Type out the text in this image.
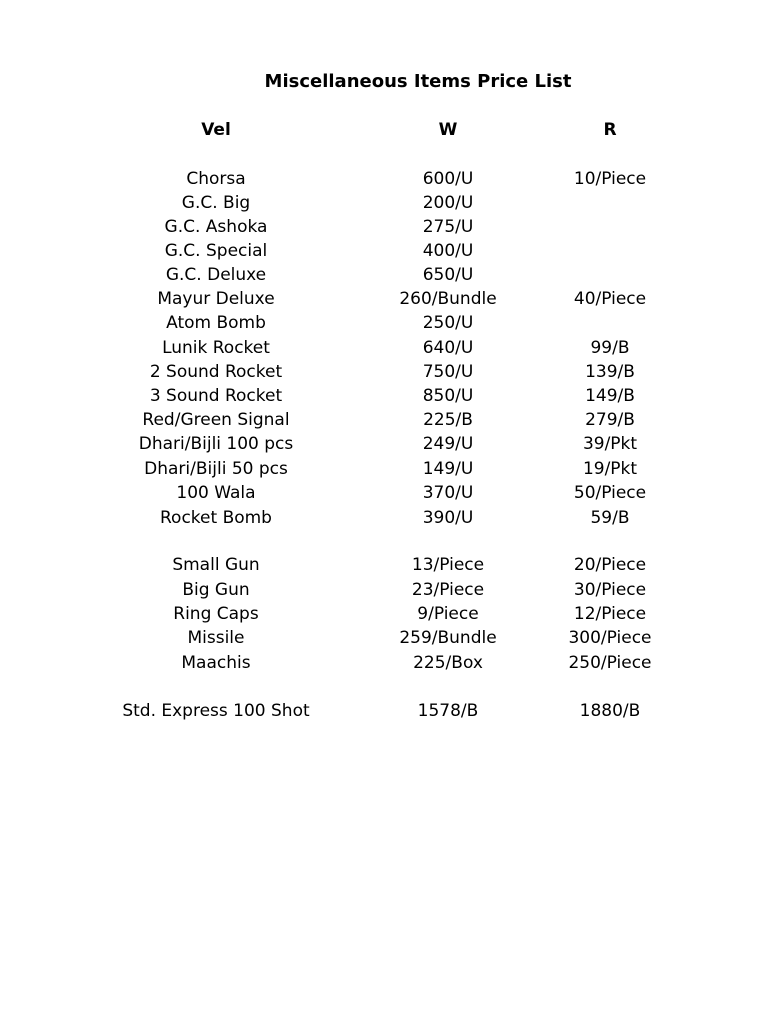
Miscellaneous Items Price List
Vel	W	R
Chorsa	600/U	10/Piece
G.C. Big	200/U
G.C. Ashoka	275/U
G.C. Special	400/U
G.C. Deluxe	650/U
Mayur Deluxe	260/Bundle	40/Piece
Atom Bomb	250/U
Lunik Rocket	640/U	99/B
2 Sound Rocket	750/U	139/B
3 Sound Rocket	850/U	149/B
Red/Green Signal	225/B	279/B
Dhari/Bijli 100 pcs	249/U	39/Pkt
Dhari/Bijli 50 pcs	149/U	19/Pkt
100 Wala	370/U	50/Piece
Rocket Bomb	390/U	59/B
Small Gun	13/Piece	20/Piece
Big Gun	23/Piece	30/Piece
Ring Caps	9/Piece	12/Piece
Missile	259/Bundle	300/Piece
Maachis	225/Box	250/Piece
Std. Express 100 Shot	1578/B	1880/B
